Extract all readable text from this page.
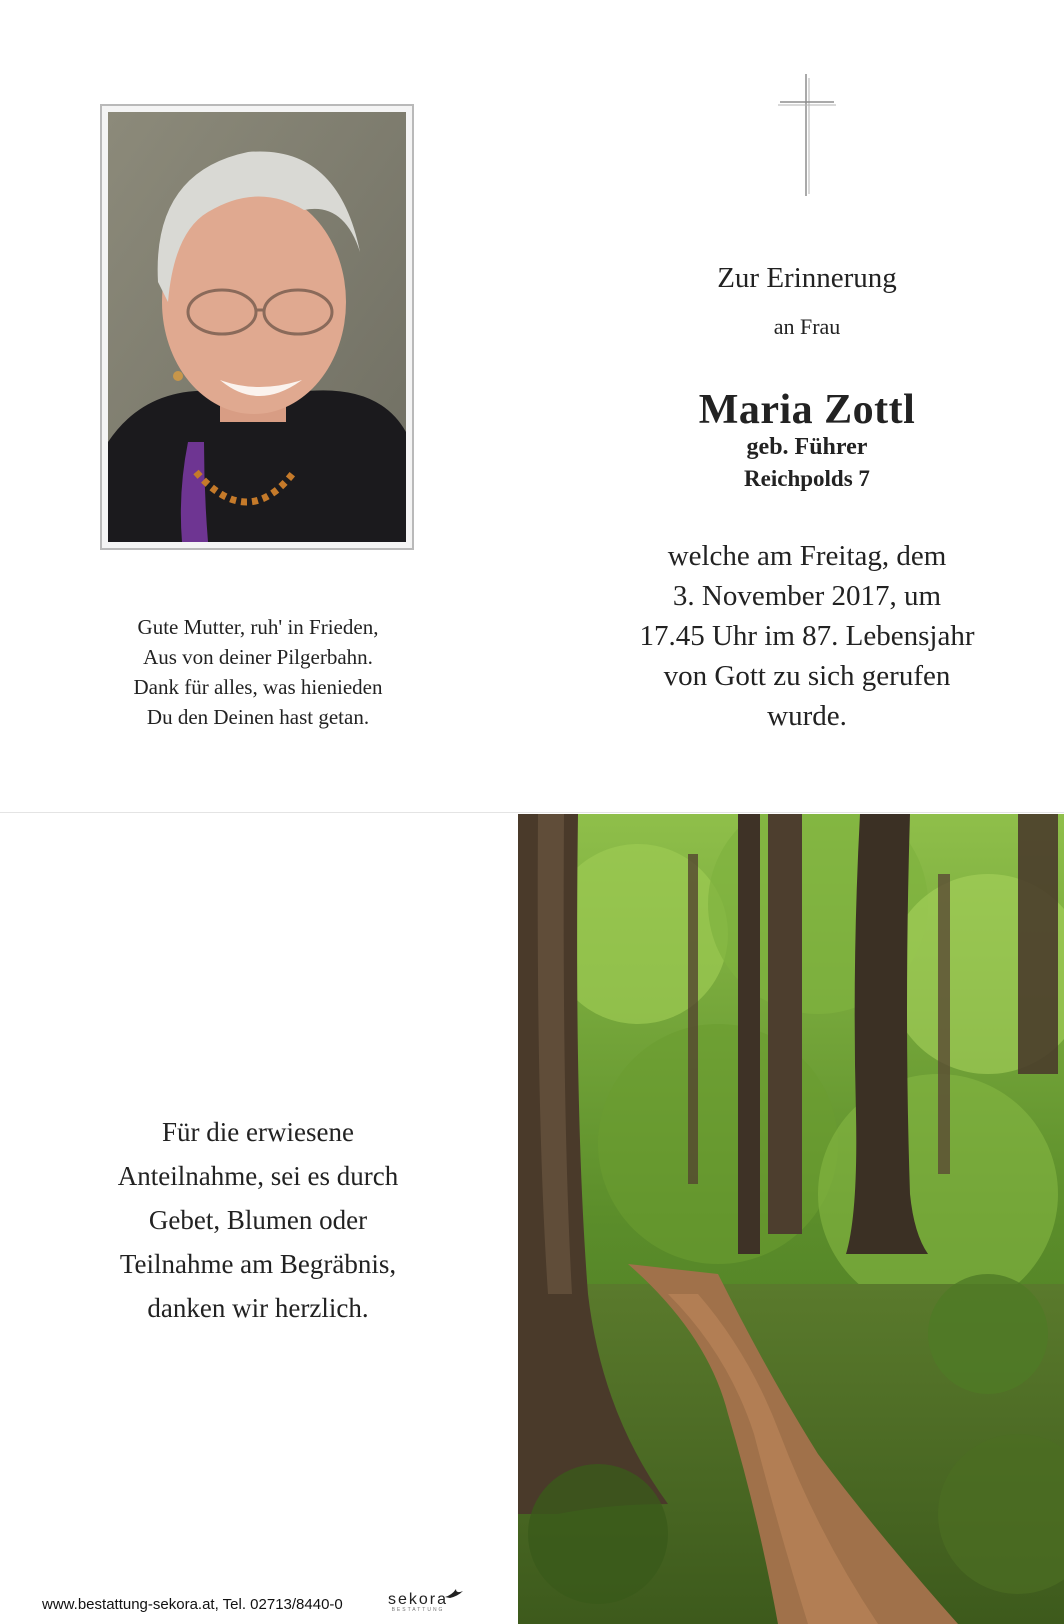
Zur Erinnerung
an Frau
Maria Zottl
geb. Führer
Reichpolds 7
welche am Freitag, dem
3. November 2017, um
17.45 Uhr im 87. Lebensjahr
von Gott zu sich gerufen
wurde.
Gute Mutter, ruh' in Frieden,
Aus von deiner Pilgerbahn.
Dank für alles, was hienieden
Du den Deinen hast getan.
Für die erwiesene
Anteilnahme, sei es durch
Gebet, Blumen oder
Teilnahme am Begräbnis,
danken wir herzlich.
www.bestattung-sekora.at, Tel. 02713/8440-0	sekora
BESTATTUNG
